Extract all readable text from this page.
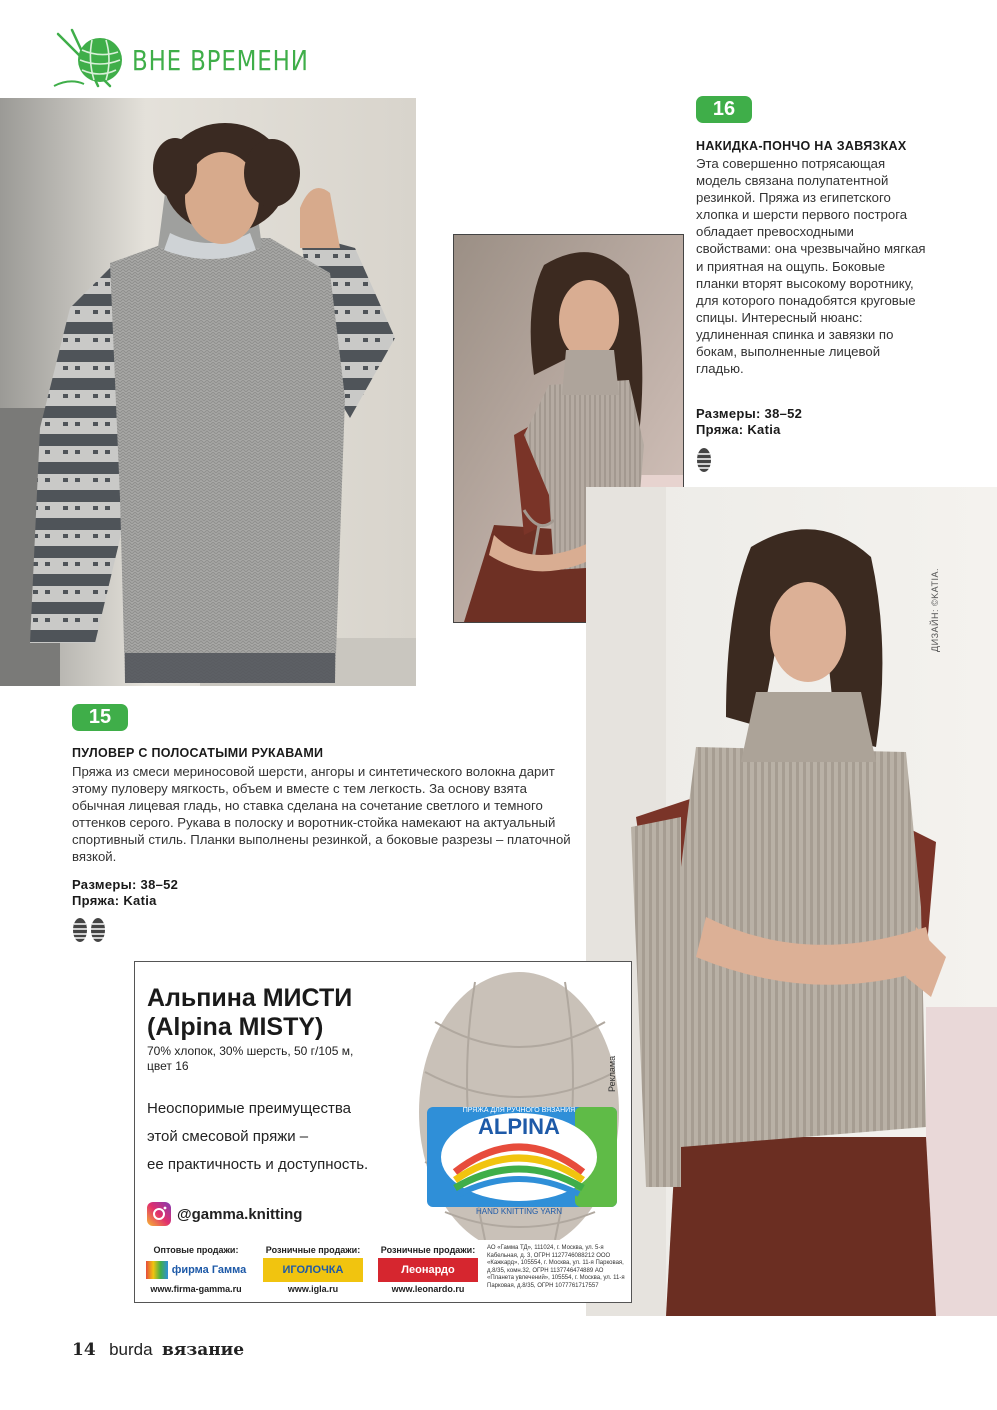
ВНЕ ВРЕМЕНИ
16
НАКИДКА-ПОНЧО НА ЗАВЯЗКАХ
Эта совершенно потрясающая модель связана полупатентной резинкой. Пряжа из египетского хлопка и шерсти первого построга обладает превосходными свойствами: она чрезвычайно мягкая и приятная на ощупь. Боковые планки вторят высокому воротнику, для которого понадобятся круговые спицы. Интересный нюанс: удлиненная спинка и завязки по бокам, выполненные лицевой гладью.
Размеры: 38–52
Пряжа: Katia
ДИЗАЙН: ©KATIA.
15
ПУЛОВЕР С ПОЛОСАТЫМИ РУКАВАМИ
Пряжа из смеси мериносовой шерсти, ангоры и синтетического волокна дарит этому пуловеру мягкость, объем и вместе с тем легкость. За основу взята обычная лицевая гладь, но ставка сделана на сочетание светлого и темного оттенков серого. Рукава в полоску и воротник-стойка намекают на актуальный спортивный стиль. Планки выполнены резинкой, а боковые разрезы – платочной вязкой.
Размеры: 38–52
Пряжа: Katia
Альпина МИСТИ
(Alpina MISTY)
70% хлопок, 30% шерсть, 50 г/105 м, цвет 16
Неоспоримые преимущества
этой смесовой пряжи –
ее практичность и доступность.
@gamma.knitting
ALPINA
ПРЯЖА ДЛЯ РУЧНОГО ВЯЗАНИЯ
HAND KNITTING YARN
Реклама
Оптовые продажи:
фирма Гамма
www.firma-gamma.ru
Розничные продажи:
ИГОЛОЧКА
www.igla.ru
Розничные продажи:
Леонардо
www.leonardo.ru
АО «Гамма ТД», 111024, г. Москва, ул. 5-я Кабельная, д. 3, ОГРН 1127746088212 ООО «Кажкард», 105554, г. Москва, ул. 11-я Парковая, д.8/35, комн.32, ОГРН 1137746474889 АО «Планета увлечений», 105554, г. Москва, ул. 11-я Парковая, д.8/35, ОГРН 1077761717557
14 burda вязание
